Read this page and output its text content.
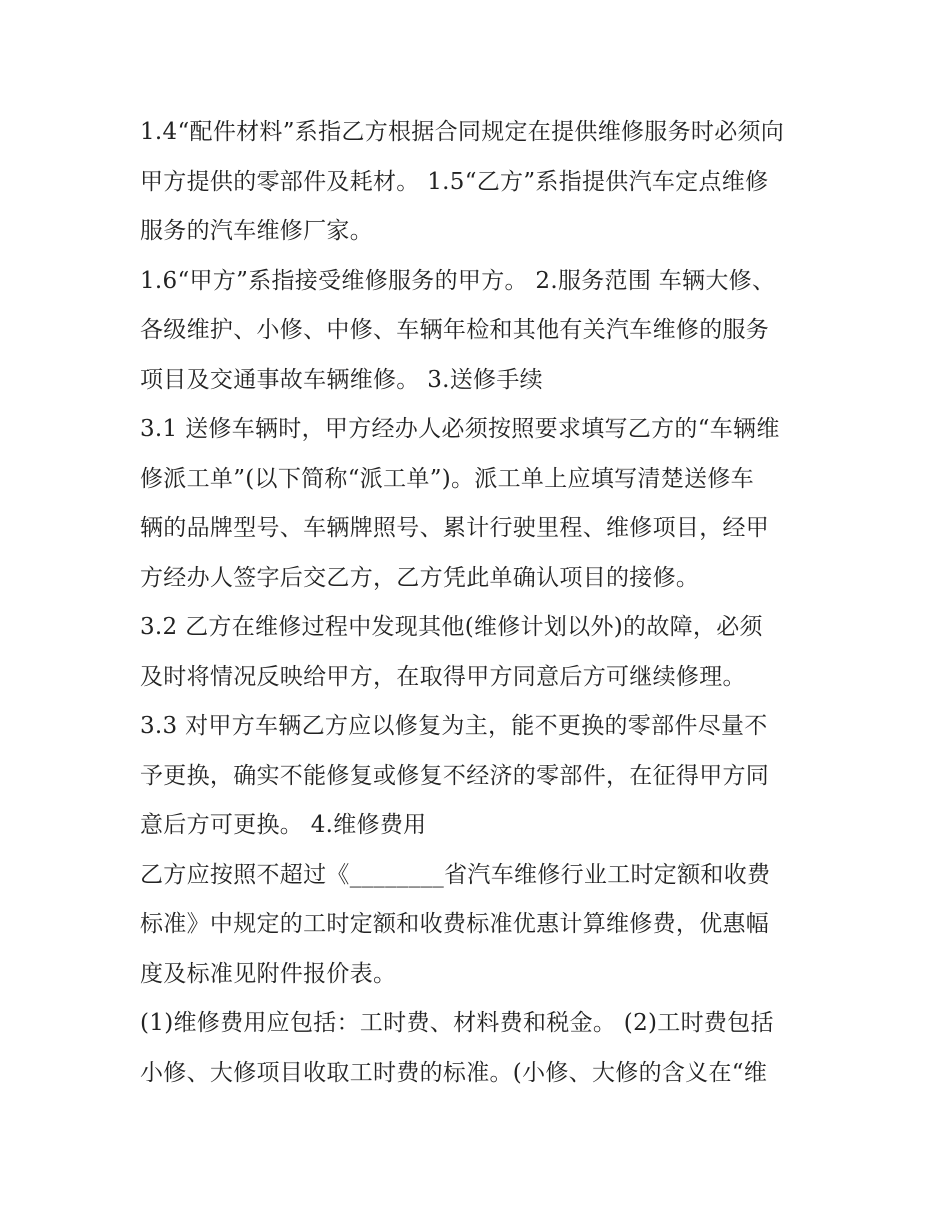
1.4“配件材料”系指乙方根据合同规定在提供维修服务时必须向
甲方提供的零部件及耗材。 1.5“乙方”系指提供汽车定点维修
服务的汽车维修厂家。
1.6“甲方”系指接受维修服务的甲方。 2.服务范围 车辆大修、
各级维护、小修、中修、车辆年检和其他有关汽车维修的服务
项目及交通事故车辆维修。 3.送修手续
3.1 送修车辆时，甲方经办人必须按照要求填写乙方的“车辆维
修派工单”(以下简称“派工单”)。派工单上应填写清楚送修车
辆的品牌型号、车辆牌照号、累计行驶里程、维修项目，经甲
方经办人签字后交乙方，乙方凭此单确认项目的接修。
3.2 乙方在维修过程中发现其他(维修计划以外)的故障，必须
及时将情况反映给甲方，在取得甲方同意后方可继续修理。
3.3 对甲方车辆乙方应以修复为主，能不更换的零部件尽量不
予更换，确实不能修复或修复不经济的零部件，在征得甲方同
意后方可更换。 4.维修费用
乙方应按照不超过《________省汽车维修行业工时定额和收费
标准》中规定的工时定额和收费标准优惠计算维修费，优惠幅
度及标准见附件报价表。
(1)维修费用应包括：工时费、材料费和税金。 (2)工时费包括
小修、大修项目收取工时费的标准。(小修、大修的含义在“维
